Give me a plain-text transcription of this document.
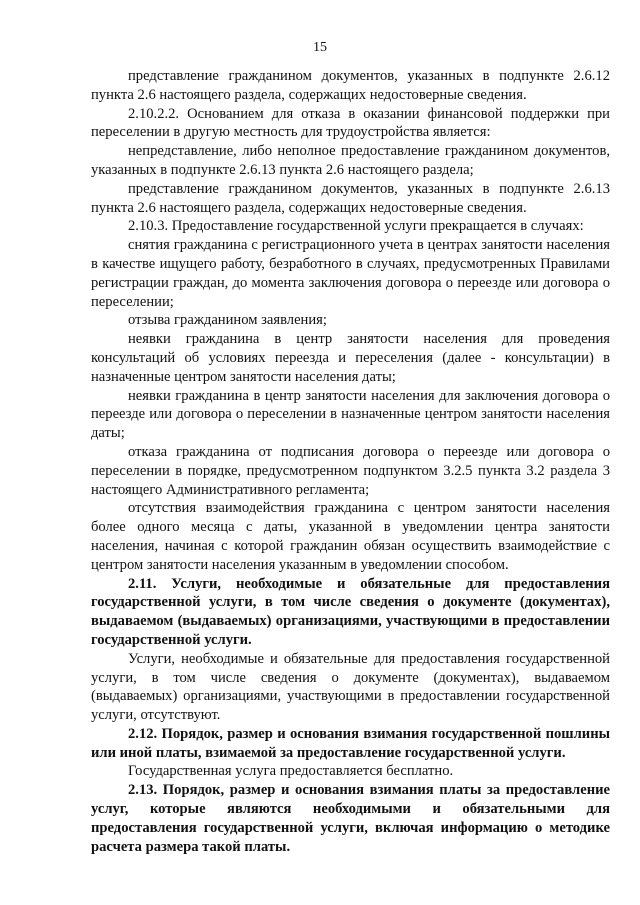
15

представление гражданином документов, указанных в подпункте 2.6.12 пункта 2.6 настоящего раздела, содержащих недостоверные сведения.

2.10.2.2. Основанием для отказа в оказании финансовой поддержки при переселении в другую местность для трудоустройства является:

непредставление, либо неполное предоставление гражданином документов, указанных в подпункте 2.6.13 пункта 2.6 настоящего раздела;

представление гражданином документов, указанных в подпункте 2.6.13 пункта 2.6 настоящего раздела, содержащих недостоверные сведения.

2.10.3. Предоставление государственной услуги прекращается в случаях:

снятия гражданина с регистрационного учета в центрах занятости населения в качестве ищущего работу, безработного в случаях, предусмотренных Правилами регистрации граждан, до момента заключения договора о переезде или договора о переселении;

отзыва гражданином заявления;

неявки гражданина в центр занятости населения для проведения консультаций об условиях переезда и переселения (далее - консультации) в назначенные центром занятости населения даты;

неявки гражданина в центр занятости населения для заключения договора о переезде или договора о переселении в назначенные центром занятости населения даты;

отказа гражданина от подписания договора о переезде или договора о переселении в порядке, предусмотренном подпунктом 3.2.5 пункта 3.2 раздела 3 настоящего Административного регламента;

отсутствия взаимодействия гражданина с центром занятости населения более одного месяца с даты, указанной в уведомлении центра занятости населения, начиная с которой гражданин обязан осуществить взаимодействие с центром занятости населения указанным в уведомлении способом.

2.11. Услуги, необходимые и обязательные для предоставления государственной услуги, в том числе сведения о документе (документах), выдаваемом (выдаваемых) организациями, участвующими в предоставлении государственной услуги.

Услуги, необходимые и обязательные для предоставления государственной услуги, в том числе сведения о документе (документах), выдаваемом (выдаваемых) организациями, участвующими в предоставлении государственной услуги, отсутствуют.

2.12. Порядок, размер и основания взимания государственной пошлины или иной платы, взимаемой за предоставление государственной услуги.

Государственная услуга предоставляется бесплатно.

2.13. Порядок, размер и основания взимания платы за предоставление услуг, которые являются необходимыми и обязательными для предоставления государственной услуги, включая информацию о методике расчета размера такой платы.
